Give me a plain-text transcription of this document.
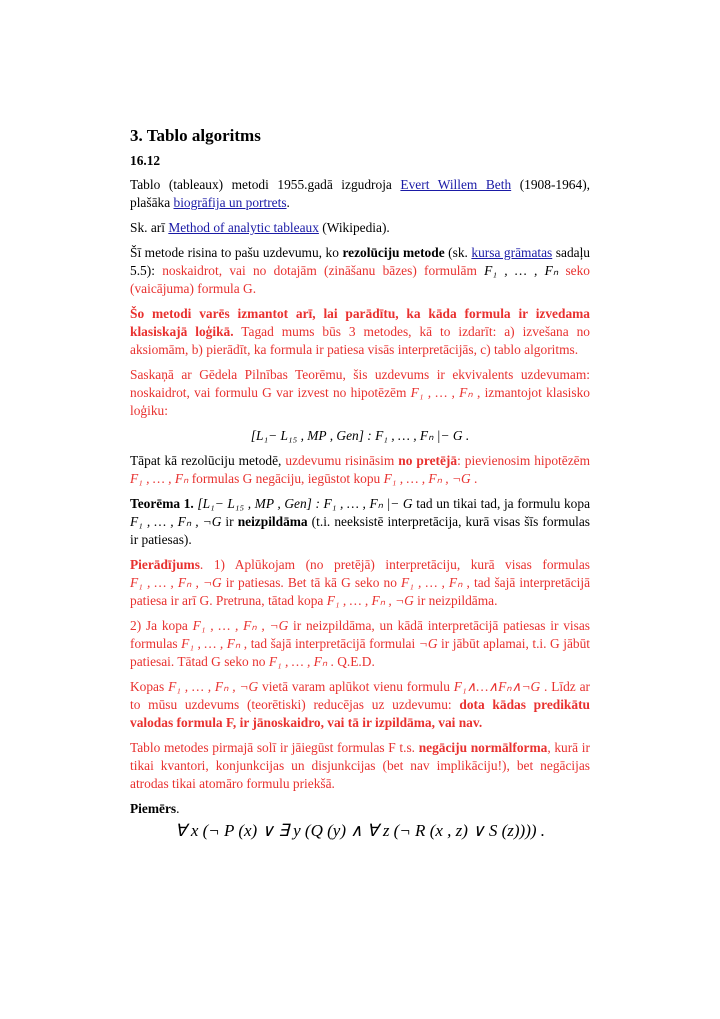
3. Tablo algoritms
16.12

Tablo (tableaux) metodi 1955.gadā izgudroja Evert Willem Beth (1908-1964), plašāka biogrāfija un portrets.

Sk. arī Method of analytic tableaux (Wikipedia).

Šī metode risina to pašu uzdevumu, ko rezolūciju metode (sk. kursa grāmatas sadaļu 5.5): noskaidrot, vai no dotajām (zināšanu bāzes) formulām F₁ , … , Fₙ seko (vaicājuma) formula G.

Šo metodi varēs izmantot arī, lai parādītu, ka kāda formula ir izvedama klasiskajā loģikā. Tagad mums būs 3 metodes, kā to izdarīt: a) izvešana no aksiomām, b) pierādīt, ka formula ir patiesa visās interpretācijās, c) tablo algoritms.

Saskaņā ar Gēdela Pilnības Teorēmu, šis uzdevums ir ekvivalents uzdevumam: noskaidrot, vai formulu G var izvest no hipotēzēm F₁ , … , Fₙ , izmantojot klasisko loģiku:

[L₁− L₁₅ , MP , Gen] : F₁ , … , Fₙ |− G .

Tāpat kā rezolūciju metodē, uzdevumu risināsim no pretējā: pievienosim hipotēzēm F₁ , … , Fₙ formulas G negāciju, iegūstot kopu F₁ , … , Fₙ , ¬G .

Teorēma 1. [L₁− L₁₅ , MP , Gen] : F₁ , … , Fₙ |− G tad un tikai tad, ja formulu kopa F₁ , … , Fₙ , ¬G ir neizpildāma (t.i. neeksistē interpretācija, kurā visas šīs formulas ir patiesas).

Pierādījums. 1) Aplūkojam (no pretējā) interpretāciju, kurā visas formulas F₁ , … , Fₙ , ¬G ir patiesas. Bet tā kā G seko no F₁ , … , Fₙ , tad šajā interpretācijā patiesa ir arī G. Pretruna, tātad kopa F₁ , … , Fₙ , ¬G ir neizpildāma.

2) Ja kopa F₁ , … , Fₙ , ¬G ir neizpildāma, un kādā interpretācijā patiesas ir visas formulas F₁ , … , Fₙ , tad šajā interpretācijā formulai ¬G ir jābūt aplamai, t.i. G jābūt patiesai. Tātad G seko no F₁ , … , Fₙ . Q.E.D.

Kopas F₁ , … , Fₙ , ¬G vietā varam aplūkot vienu formulu F₁∧…∧Fₙ∧¬G . Līdz ar to mūsu uzdevums (teorētiski) reducējas uz uzdevumu: dota kādas predikātu valodas formula F, ir jānoskaidro, vai tā ir izpildāma, vai nav.

Tablo metodes pirmajā solī ir jāiegūst formulas F t.s. negāciju normālforma, kurā ir tikai kvantori, konjunkcijas un disjunkcijas (bet nav implikāciju!), bet negācijas atrodas tikai atomāro formulu priekšā.

Piemērs.

∀ x (¬ P (x) ∨ ∃ y (Q (y) ∧ ∀ z (¬ R (x , z) ∨ S (z)))) .
